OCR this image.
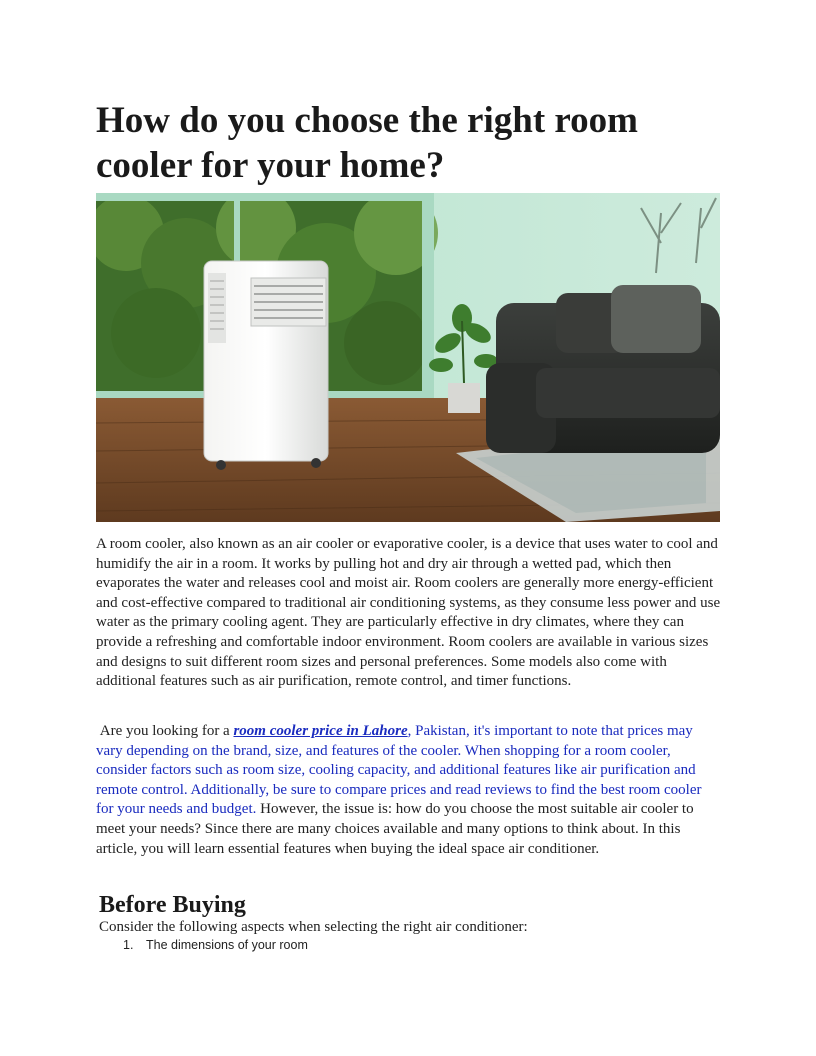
How do you choose the right room cooler for your home?

A room cooler, also known as an air cooler or evaporative cooler, is a device that uses water to cool and humidify the air in a room. It works by pulling hot and dry air through a wetted pad, which then evaporates the water and releases cool and moist air. Room coolers are generally more energy-efficient and cost-effective compared to traditional air conditioning systems, as they consume less power and use water as the primary cooling agent. They are particularly effective in dry climates, where they can provide a refreshing and comfortable indoor environment. Room coolers are available in various sizes and designs to suit different room sizes and personal preferences. Some models also come with additional features such as air purification, remote control, and timer functions.

Are you looking for a room cooler price in Lahore, Pakistan, it's important to note that prices may vary depending on the brand, size, and features of the cooler. When shopping for a room cooler, consider factors such as room size, cooling capacity, and additional features like air purification and remote control. Additionally, be sure to compare prices and read reviews to find the best room cooler for your needs and budget. However, the issue is: how do you choose the most suitable air cooler to meet your needs? Since there are many choices available and many options to think about. In this article, you will learn essential features when buying the ideal space air conditioner.

Before Buying

Consider the following aspects when selecting the right air conditioner:

1. The dimensions of your room
